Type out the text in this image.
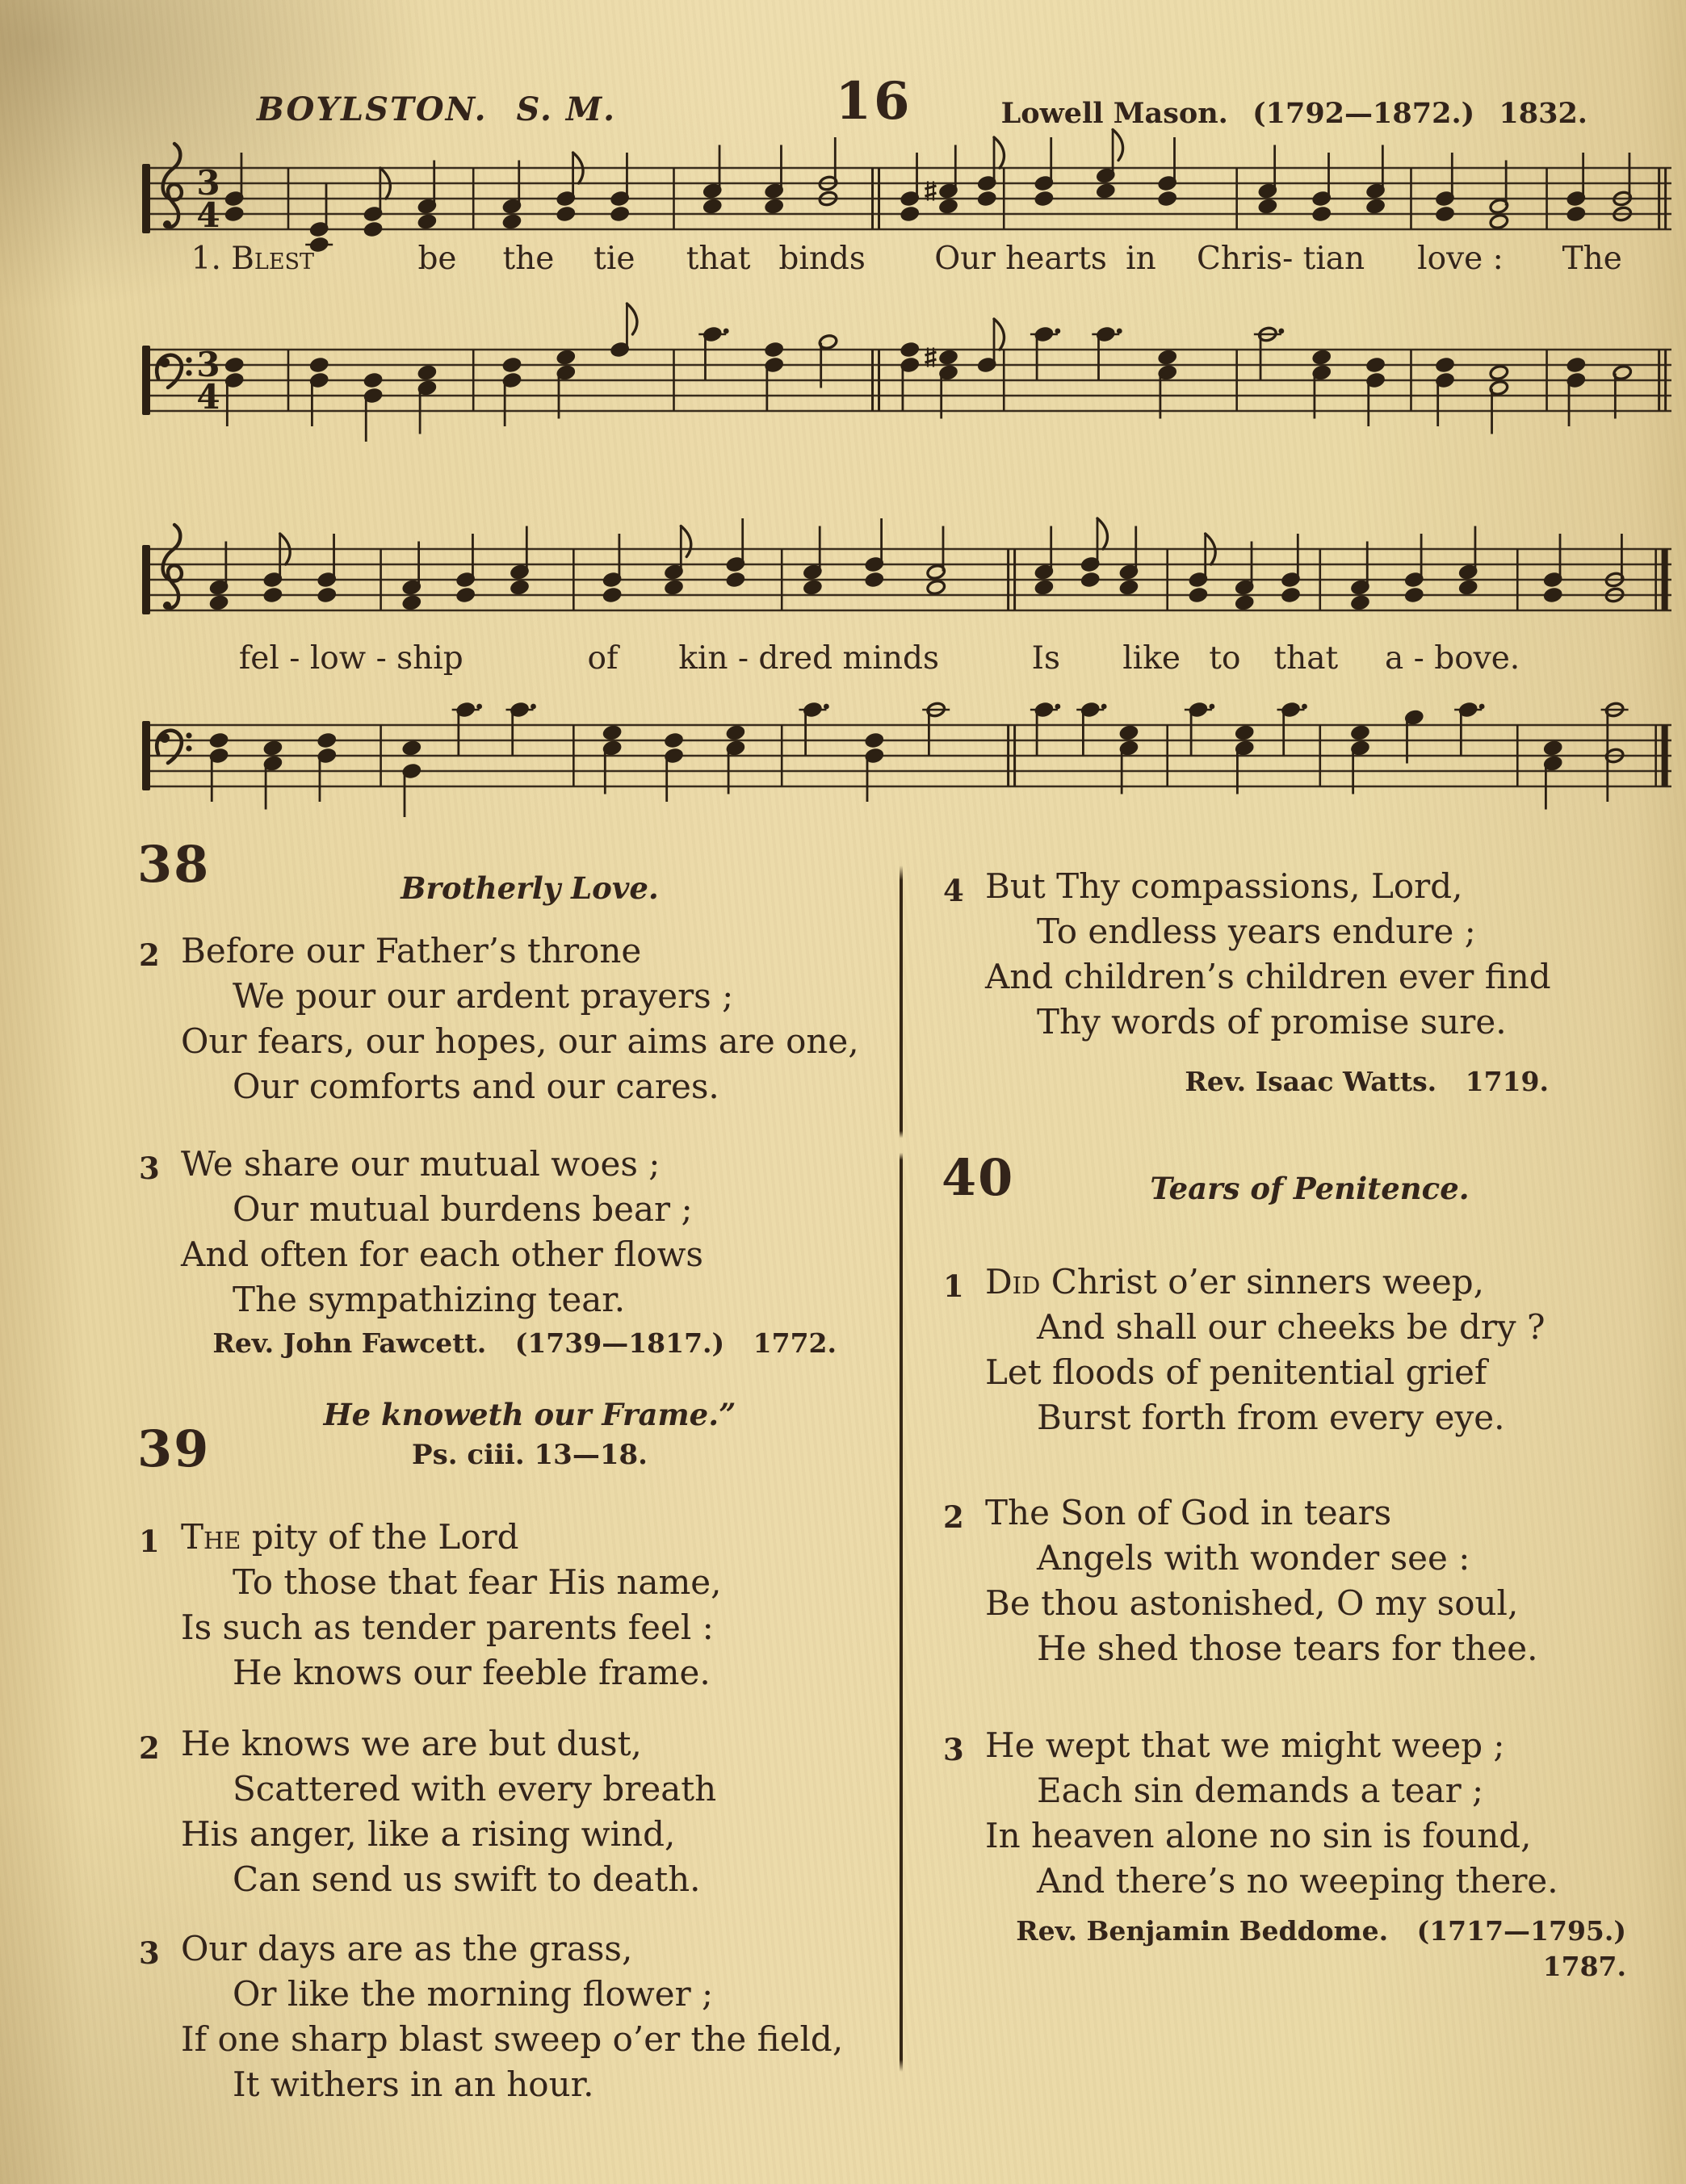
BOYLSTON. S. M.	16	Lowell Mason. (1792—1872.) 1832.
3
4
1. Blest	be the tie that binds Our hearts in Chris- tian love : The
3
4
fel - low - ship	of kin - dred minds	Is like to that a - bove.
38	Brotherly Love.
2 Before our Father’s throne

We pour our ardent prayers ;

Our fears, our hopes, our aims are one,

Our comforts and our cares.

3 We share our mutual woes ;

Our mutual burdens bear ;

And often for each other flows

The sympathizing tear.

Rev. John Fawcett. (1739—1817.) 1772.
39
He knoweth our Frame.”
Ps. ciii. 13—18.
1 The pity of the Lord

To those that fear His name,

Is such as tender parents feel :

He knows our feeble frame.

2 He knows we are but dust,

Scattered with every breath

His anger, like a rising wind,

Can send us swift to death.

3 Our days are as the grass,

Or like the morning flower ;

If one sharp blast sweep o’er the field,

It withers in an hour.

4 But Thy compassions, Lord,

To endless years endure ;

And children’s children ever find

Thy words of promise sure.

Rev. Isaac Watts. 1719.
40	Tears of Penitence.
1 Did Christ o’er sinners weep,

And shall our cheeks be dry ?

Let floods of penitential grief

Burst forth from every eye.

2 The Son of God in tears

Angels with wonder see :

Be thou astonished, O my soul,

He shed those tears for thee.

3 He wept that we might weep ;

Each sin demands a tear ;

In heaven alone no sin is found,

And there’s no weeping there.

Rev. Benjamin Beddome. (1717—1795.) 1787.
